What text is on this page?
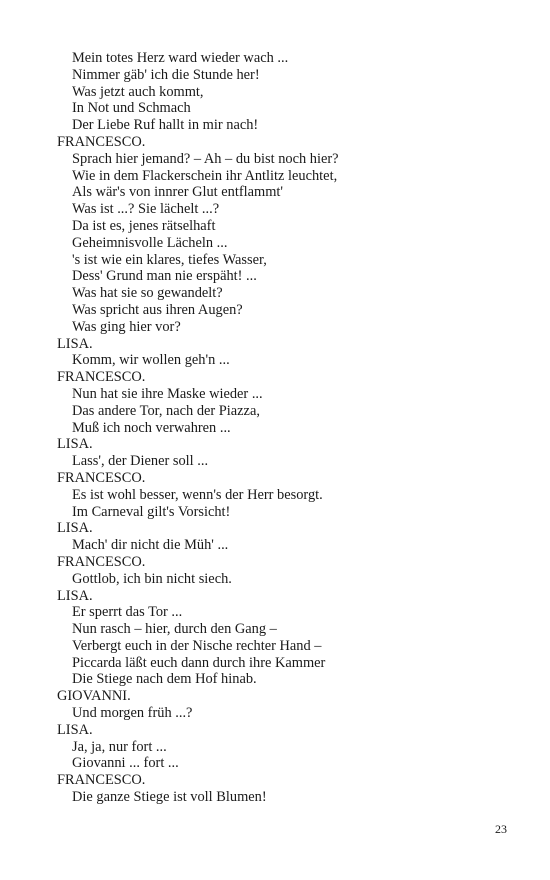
Mein totes Herz ward wieder wach ...
Nimmer gäb' ich die Stunde her!
Was jetzt auch kommt,
In Not und Schmach
Der Liebe Ruf hallt in mir nach!
FRANCESCO.
Sprach hier jemand? – Ah – du bist noch hier?
Wie in dem Flackerschein ihr Antlitz leuchtet,
Als wär's von innrer Glut entflammt'
Was ist ...? Sie lächelt ...?
Da ist es, jenes rätselhaft
Geheimnisvolle Lächeln ...
's ist wie ein klares, tiefes Wasser,
Dess' Grund man nie erspäht! ...
Was hat sie so gewandelt?
Was spricht aus ihren Augen?
Was ging hier vor?
LISA.
Komm, wir wollen geh'n ...
FRANCESCO.
Nun hat sie ihre Maske wieder ...
Das andere Tor, nach der Piazza,
Muß ich noch verwahren ...
LISA.
Lass', der Diener soll ...
FRANCESCO.
Es ist wohl besser, wenn's der Herr besorgt.
Im Carneval gilt's Vorsicht!
LISA.
Mach' dir nicht die Müh' ...
FRANCESCO.
Gottlob, ich bin nicht siech.
LISA.
Er sperrt das Tor ...
Nun rasch – hier, durch den Gang –
Verbergt euch in der Nische rechter Hand –
Piccarda läßt euch dann durch ihre Kammer
Die Stiege nach dem Hof hinab.
GIOVANNI.
Und morgen früh ...?
LISA.
Ja, ja, nur fort ...
Giovanni ... fort ...
FRANCESCO.
Die ganze Stiege ist voll Blumen!
23
